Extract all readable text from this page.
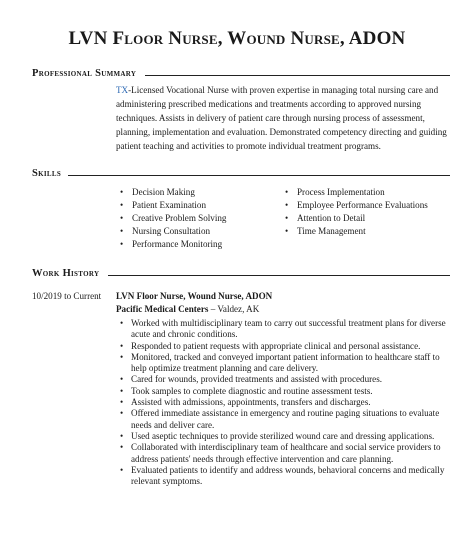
LVN Floor Nurse, Wound Nurse, ADON
Professional Summary
TX-Licensed Vocational Nurse with proven expertise in managing total nursing care and administering prescribed medications and treatments according to approved nursing techniques. Assists in delivery of patient care through nursing process of assessment, planning, implementation and evaluation. Demonstrated competency directing and guiding patient teaching and activities to promote individual treatment programs.
Skills
• Decision Making
• Patient Examination
• Creative Problem Solving
• Nursing Consultation
• Performance Monitoring
• Process Implementation
• Employee Performance Evaluations
• Attention to Detail
• Time Management
Work History
10/2019 to Current LVN Floor Nurse, Wound Nurse, ADON
Pacific Medical Centers – Valdez, AK
• Worked with multidisciplinary team to carry out successful treatment plans for diverse acute and chronic conditions.
• Responded to patient requests with appropriate clinical and personal assistance.
• Monitored, tracked and conveyed important patient information to healthcare staff to help optimize treatment planning and care delivery.
• Cared for wounds, provided treatments and assisted with procedures.
• Took samples to complete diagnostic and routine assessment tests.
• Assisted with admissions, appointments, transfers and discharges.
• Offered immediate assistance in emergency and routine paging situations to evaluate needs and deliver care.
• Used aseptic techniques to provide sterilized wound care and dressing applications.
• Collaborated with interdisciplinary team of healthcare and social service providers to address patients' needs through effective intervention and care planning.
• Evaluated patients to identify and address wounds, behavioral concerns and medically relevant symptoms.
